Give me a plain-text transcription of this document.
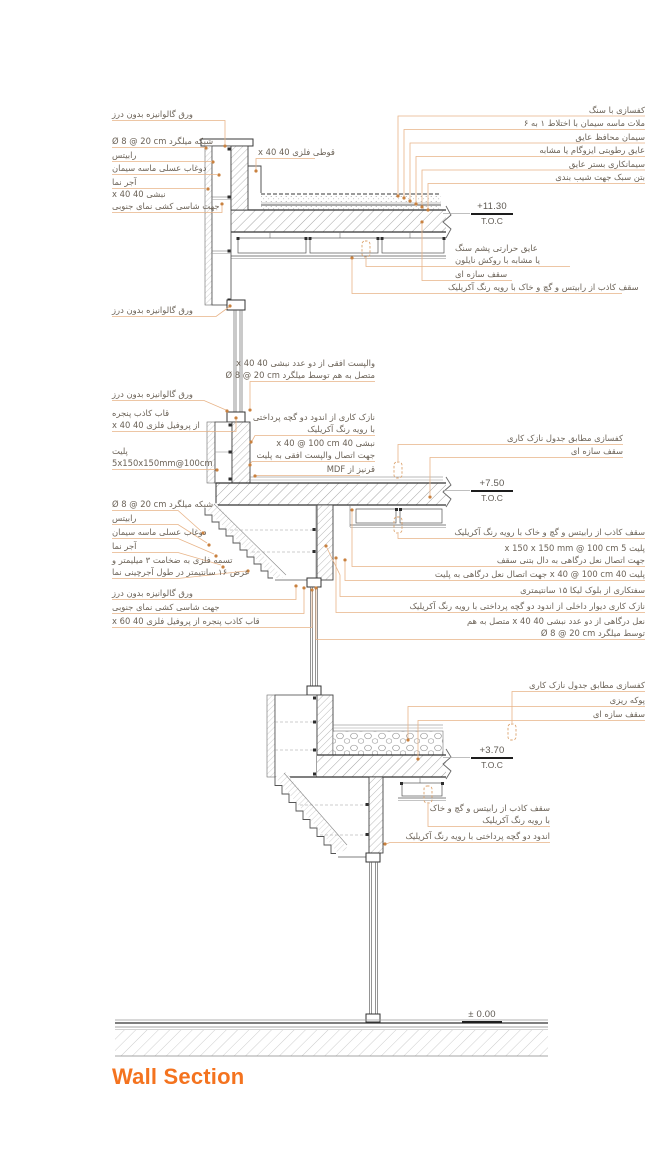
کفسازی با سنگ
ملات ماسه سیمان با اختلاط ۱ به ۶
سیمان محافظ عایق
عایق رطوبتی ایزوگام یا مشابه
سیمانکاری بستر عایق
بتن سبک جهت شیب بندی
عایق حرارتی پشم سنگ
یا مشابه با روکش نایلون
سقف سازه ای
سقف کاذب از رابیتس و گچ و خاک با رویه رنگ آکریلیک
قوطی فلزی 40 x 40
ورق گالوانیزه بدون درز
شبکه میلگرد Ø 8 @ 20 cm
رابیتس
دوغاب عسلی ماسه سیمان
آجر نما
نبشی 40 x 40
جهت شاسی کشی نمای جنوبی
ورق گالوانیزه بدون درز
ورق گالوانیزه بدون درز
قاب کاذب پنجره
از پروفیل فلزی 40 x 40
پلیت
5x150x150mm@100cm
والپست افقی از دو عدد نبشی 40 x 40
متصل به هم توسط میلگرد Ø 8 @ 20 cm
نازک کاری از اندود دو گچه پرداختی
با رویه رنگ آکریلیک
نبشی 40 x 40 @ 100 cm
جهت اتصال والپست افقی به پلیت
قرنیز از MDF
کفسازی مطابق جدول نازک کاری
سقف سازه ای
سقف کاذب از رابیتس و گچ و خاک با رویه رنگ آکریلیک
پلیت 5 x 150 x 150 mm @ 100 cm
جهت اتصال نعل درگاهی به دال بتنی سقف
پلیت 40 x 40 @ 100 cm جهت اتصال نعل درگاهی به پلیت
سفتکاری از بلوک لیکا ۱۵ سانتیمتری
نازک کاری دیوار داخلی از اندود دو گچه پرداختی با رویه رنگ آکریلیک
نعل درگاهی از دو عدد نبشی 40 x 40 متصل به هم
توسط میلگرد Ø 8 @ 20 cm
کفسازی مطابق جدول نازک کاری
پوکه ریزی
سقف سازه ای
سقف کاذب از رابیتس و گچ و خاک
با رویه رنگ آکریلیک
اندود دو گچه پرداختی با رویه رنگ آکریلیک
شبکه میلگرد Ø 8 @ 20 cm
رابیتس
دوغاب عسلی ماسه سیمان
آجر نما
تسمه فلزی به ضخامت ۳ میلیمتر و
عرض ۱۶ سانتیمتر در طول آجرچینی نما
ورق گالوانیزه بدون درز
جهت شاسی کشی نمای جنوبی
قاب کاذب پنجره از پروفیل فلزی 40 x 60
+11.30
T.O.C
+7.50
T.O.C
+3.70
T.O.C
± 0.00
Wall Section
